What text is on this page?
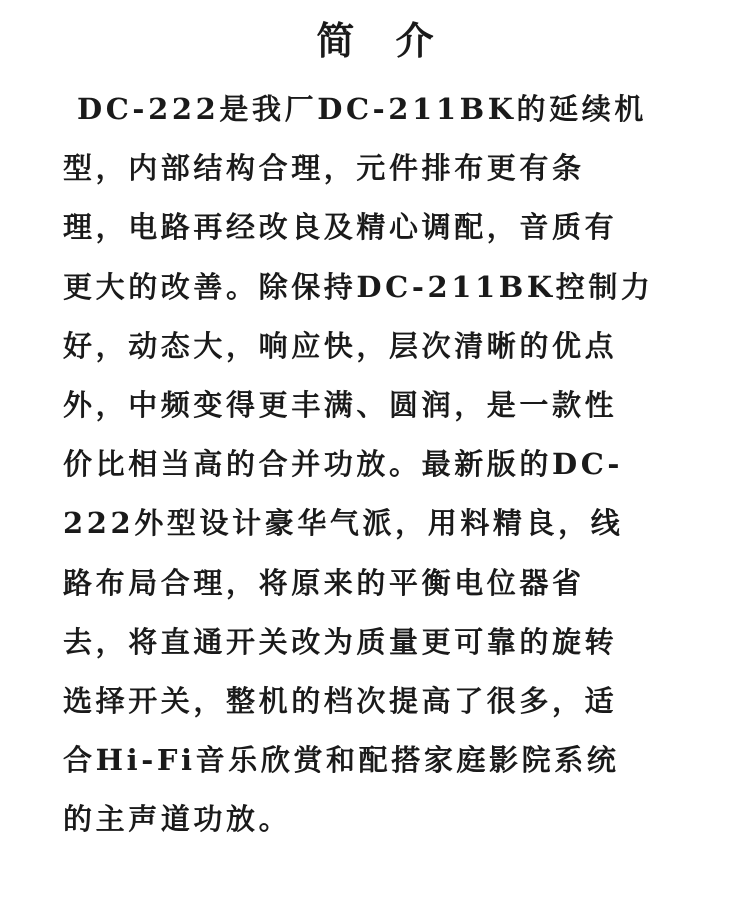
简 介
DC-222是我厂DC-211BK的延续机
型，内部结构合理，元件排布更有条
理，电路再经改良及精心调配，音质有
更大的改善。除保持DC-211BK控制力
好，动态大，响应快，层次清晰的优点
外，中频变得更丰满、圆润，是一款性
价比相当高的合并功放。最新版的DC-
222外型设计豪华气派，用料精良，线
路布局合理，将原来的平衡电位器省
去，将直通开关改为质量更可靠的旋转
选择开关，整机的档次提高了很多，适
合Hi-Fi音乐欣赏和配搭家庭影院系统
的主声道功放。
